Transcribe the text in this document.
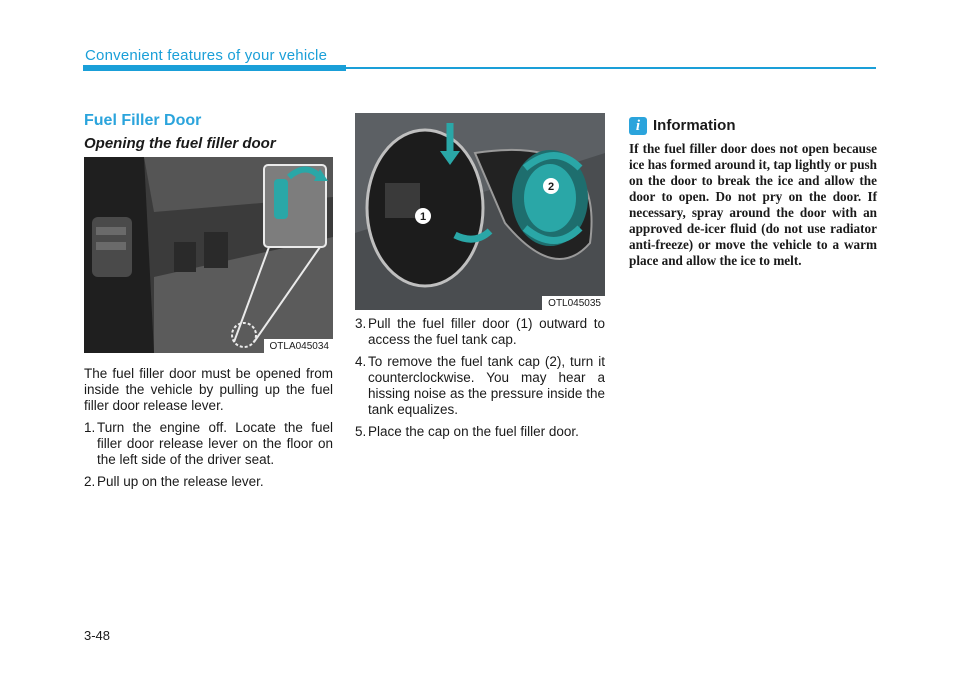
Convenient features of your vehicle
Fuel Filler Door
Opening the fuel filler door
OTLA045034

The fuel filler door must be opened from inside the vehicle by pulling up the fuel filler door release lever.

1. Turn the engine off. Locate the fuel filler door release lever on the floor on the left side of the driver seat.
2. Pull up on the release lever.
1
2
OTL045035
3. Pull the fuel filler door (1) outward to access the fuel tank cap.
4. To remove the fuel tank cap (2), turn it counterclockwise. You may hear a hissing noise as the pressure inside the tank equalizes.
5. Place the cap on the fuel filler door.
i Information

If the fuel filler door does not open because ice has formed around it, tap lightly or push on the door to break the ice and allow the door to open. Do not pry on the door. If necessary, spray around the door with an approved de-icer fluid (do not use radiator anti-freeze) or move the vehicle to a warm place and allow the ice to melt.

3-48
